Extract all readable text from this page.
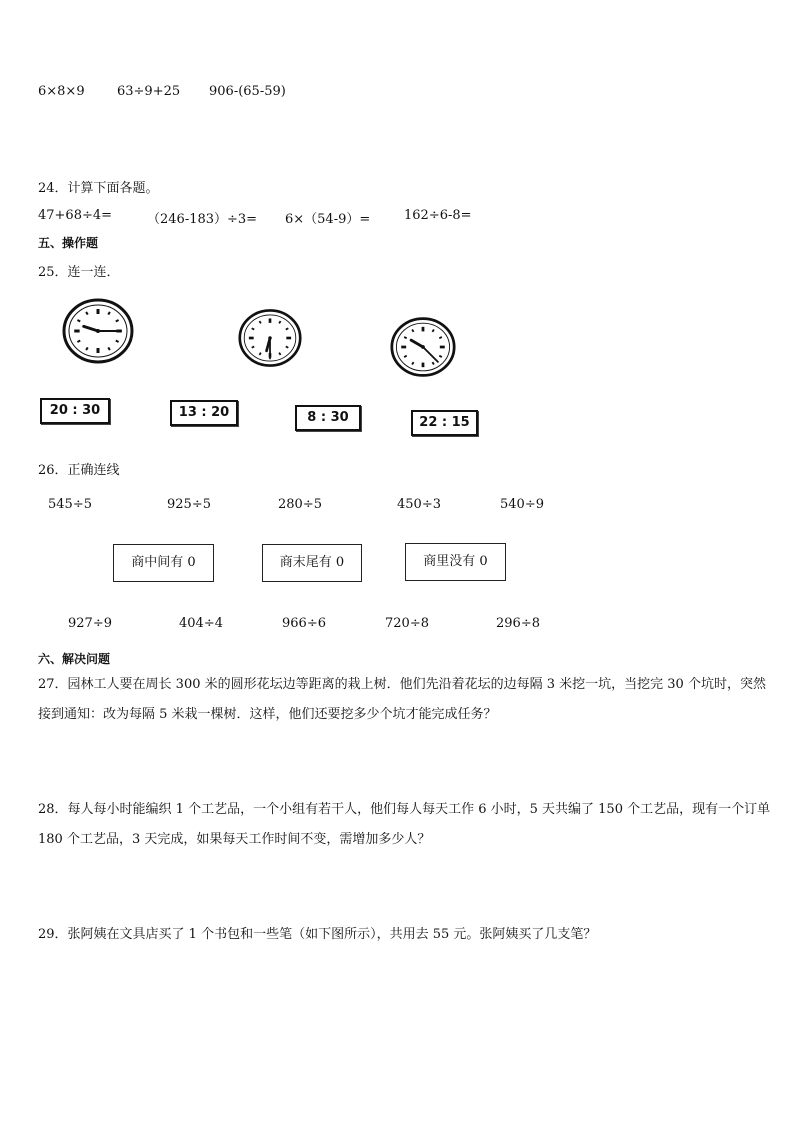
6×8×9 63÷9+25 906-(65-59)
24．计算下面各题。
47+68÷4=	（246-183）÷3= 6×（54-9）=	162÷6-8=
五、操作题
25．连一连．
20 : 30	13 : 20	8 : 30	22 : 15
26．正确连线
545÷5	925÷5	280÷5	450÷3	540÷9
商中间有 0	商末尾有 0	商里没有 0
927÷9	404÷4	966÷6	720÷8	296÷8
六、解决问题
27．园林工人要在周长 300 米的圆形花坛边等距离的栽上树．他们先沿着花坛的边每隔 3 米挖一坑，当挖完 30 个坑时，突然接到通知：改为每隔 5 米栽一棵树．这样，他们还要挖多少个坑才能完成任务？
28．每人每小时能编织 1 个工艺品，一个小组有若干人，他们每人每天工作 6 小时，5 天共编了 150 个工艺品，现有一个订单 180 个工艺品，3 天完成，如果每天工作时间不变，需增加多少人？
29．张阿姨在文具店买了 1 个书包和一些笔（如下图所示），共用去 55 元。张阿姨买了几支笔？
